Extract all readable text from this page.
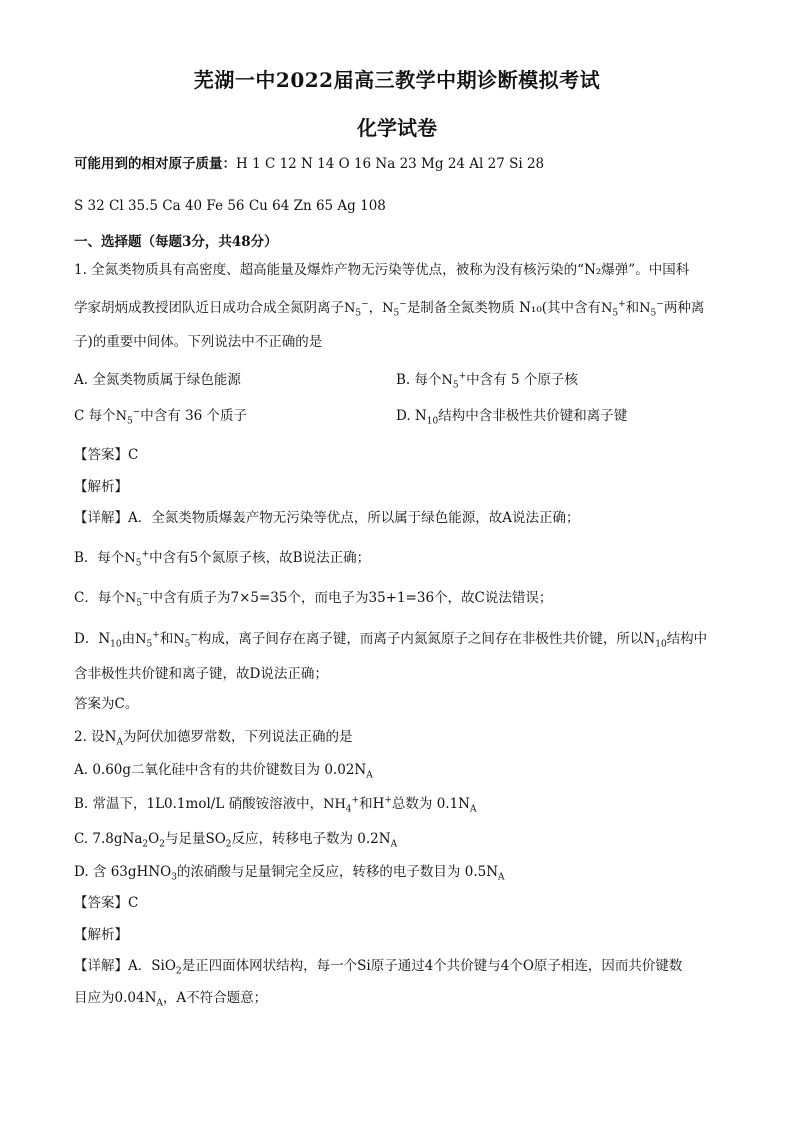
芜湖一中2022届高三教学中期诊断模拟考试
化学试卷
可能用到的相对原子质量：H 1 C 12 N 14 O 16 Na 23 Mg 24 Al 27 Si 28
S 32 Cl 35.5 Ca 40 Fe 56 Cu 64 Zn 65 Ag 108
一、选择题（每题3分，共48分）
1. 全氮类物质具有高密度、超高能量及爆炸产物无污染等优点，被称为没有核污染的“N₂爆弹”。中国科
学家胡炳成教授团队近日成功合成全氮阴离子$N_5^-$，$N_5^-$是制备全氮类物质 N₁₀(其中含有$N_5^+$和$N_5^-$两种离
子)的重要中间体。下列说法中不正确的是
A. 全氮类物质属于绿色能源	B. 每个$N_5^+$中含有 5 个原子核
C 每个$N_5^-$中含有 36 个质子	D. $N_{10}$结构中含非极性共价键和离子键
【答案】C
【解析】
【详解】A．全氮类物质爆轰产物无污染等优点，所以属于绿色能源，故A说法正确；
B．每个$N_5^+$中含有5个氮原子核，故B说法正确；
C．每个$N_5^-$中含有质子为7×5=35个，而电子为35+1=36个，故C说法错误；
D．$N_{10}$由$N_5^+$和$N_5^-$构成，离子间存在离子键，而离子内氮氮原子之间存在非极性共价键，所以$N_{10}$结构中
含非极性共价键和离子键，故D说法正确；
答案为C。
2. 设$N_A$为阿伏加德罗常数，下列说法正确的是
A. 0.60g二氧化硅中含有的共价键数目为 $0.02N_A$
B. 常温下，1L0.1mol/L 硝酸铵溶液中，$NH_4^+$和H+总数为 $0.1N_A$
C. $7.8gNa_2O_2$与足量$SO_2$反应，转移电子数为 $0.2N_A$
D. 含 63gHNO$_3$的浓硝酸与足量铜完全反应，转移的电子数目为 $0.5N_A$
【答案】C
【解析】
【详解】A．SiO$_2$是正四面体网状结构，每一个Si原子通过4个共价键与4个O原子相连，因而共价键数
目应为$0.04N_A$，A不符合题意；
